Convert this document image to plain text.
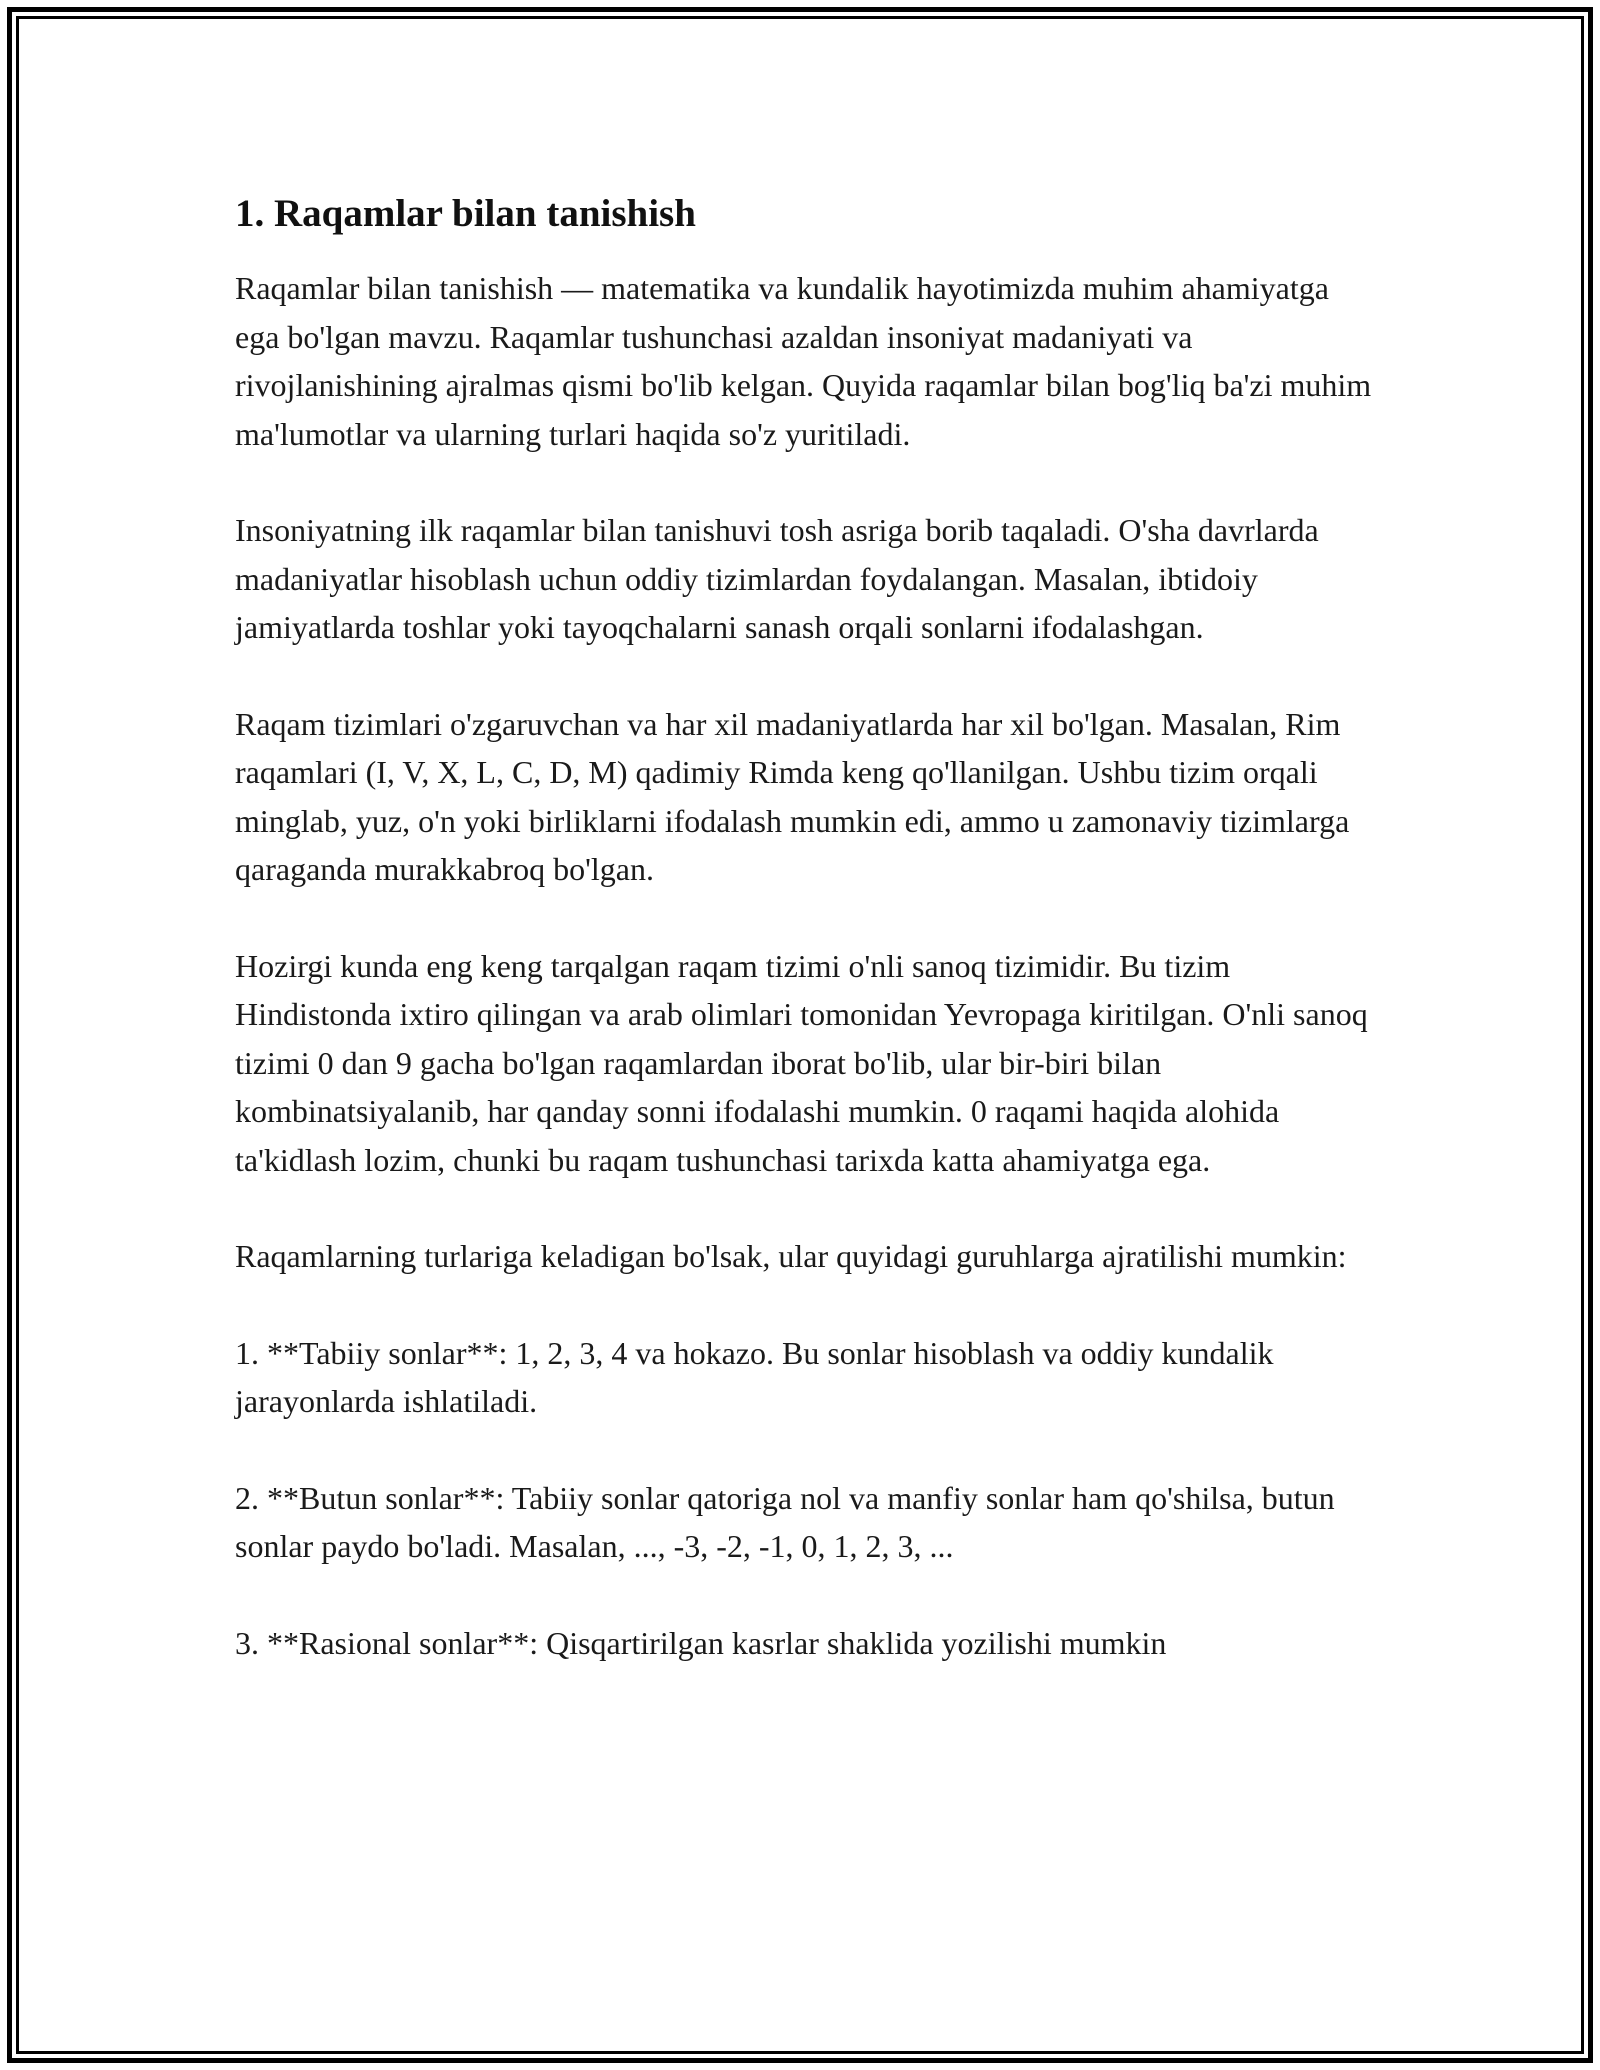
1. Raqamlar bilan tanishish

Raqamlar bilan tanishish — matematika va kundalik hayotimizda muhim ahamiyatga ega bo'lgan mavzu. Raqamlar tushunchasi azaldan insoniyat madaniyati va rivojlanishining ajralmas qismi bo'lib kelgan. Quyida raqamlar bilan bog'liq ba'zi muhim ma'lumotlar va ularning turlari haqida so'z yuritiladi.

Insoniyatning ilk raqamlar bilan tanishuvi tosh asriga borib taqaladi. O'sha davrlarda madaniyatlar hisoblash uchun oddiy tizimlardan foydalangan. Masalan, ibtidoiy jamiyatlarda toshlar yoki tayoqchalarni sanash orqali sonlarni ifodalashgan.

Raqam tizimlari o'zgaruvchan va har xil madaniyatlarda har xil bo'lgan. Masalan, Rim raqamlari (I, V, X, L, C, D, M) qadimiy Rimda keng qo'llanilgan. Ushbu tizim orqali minglab, yuz, o'n yoki birliklarni ifodalash mumkin edi, ammo u zamonaviy tizimlarga qaraganda murakkabroq bo'lgan.

Hozirgi kunda eng keng tarqalgan raqam tizimi o'nli sanoq tizimidir. Bu tizim Hindistonda ixtiro qilingan va arab olimlari tomonidan Yevropaga kiritilgan. O'nli sanoq tizimi 0 dan 9 gacha bo'lgan raqamlardan iborat bo'lib, ular bir-biri bilan kombinatsiyalanib, har qanday sonni ifodalashi mumkin. 0 raqami haqida alohida ta'kidlash lozim, chunki bu raqam tushunchasi tarixda katta ahamiyatga ega.

Raqamlarning turlariga keladigan bo'lsak, ular quyidagi guruhlarga ajratilishi mumkin:

1. **Tabiiy sonlar**: 1, 2, 3, 4 va hokazo. Bu sonlar hisoblash va oddiy kundalik jarayonlarda ishlatiladi.

2. **Butun sonlar**: Tabiiy sonlar qatoriga nol va manfiy sonlar ham qo'shilsa, butun sonlar paydo bo'ladi. Masalan, ..., -3, -2, -1, 0, 1, 2, 3, ...

3. **Rasional sonlar**: Qisqartirilgan kasrlar shaklida yozilishi mumkin
